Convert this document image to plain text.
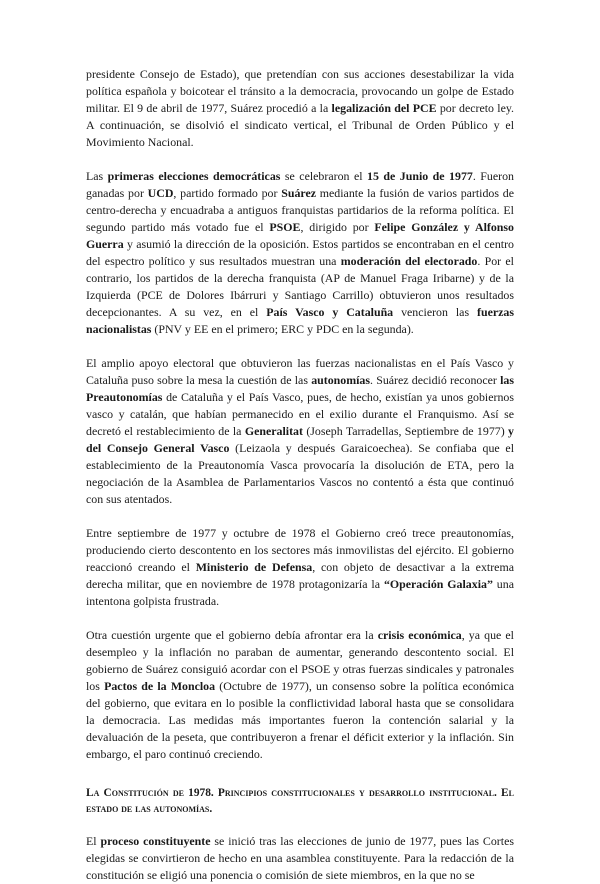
presidente Consejo de Estado), que pretendían con sus acciones desestabilizar la vida política española y boicotear el tránsito a la democracia, provocando un golpe de Estado militar. El 9 de abril de 1977, Suárez procedió a la legalización del PCE por decreto ley. A continuación, se disolvió el sindicato vertical, el Tribunal de Orden Público y el Movimiento Nacional.

Las primeras elecciones democráticas se celebraron el 15 de Junio de 1977. Fueron ganadas por UCD, partido formado por Suárez mediante la fusión de varios partidos de centro-derecha y encuadraba a antiguos franquistas partidarios de la reforma política. El segundo partido más votado fue el PSOE, dirigido por Felipe González y Alfonso Guerra y asumió la dirección de la oposición. Estos partidos se encontraban en el centro del espectro político y sus resultados muestran una moderación del electorado. Por el contrario, los partidos de la derecha franquista (AP de Manuel Fraga Iribarne) y de la Izquierda (PCE de Dolores Ibárruri y Santiago Carrillo) obtuvieron unos resultados decepcionantes. A su vez, en el País Vasco y Cataluña vencieron las fuerzas nacionalistas (PNV y EE en el primero; ERC y PDC en la segunda).

El amplio apoyo electoral que obtuvieron las fuerzas nacionalistas en el País Vasco y Cataluña puso sobre la mesa la cuestión de las autonomías. Suárez decidió reconocer las Preautonomías de Cataluña y el País Vasco, pues, de hecho, existían ya unos gobiernos vasco y catalán, que habían permanecido en el exilio durante el Franquismo. Así se decretó el restablecimiento de la Generalitat (Joseph Tarradellas, Septiembre de 1977) y del Consejo General Vasco (Leizaola y después Garaicoechea). Se confiaba que el establecimiento de la Preautonomía Vasca provocaría la disolución de ETA, pero la negociación de la Asamblea de Parlamentarios Vascos no contentó a ésta que continuó con sus atentados.

Entre septiembre de 1977 y octubre de 1978 el Gobierno creó trece preautonomías, produciendo cierto descontento en los sectores más inmovilistas del ejército. El gobierno reaccionó creando el Ministerio de Defensa, con objeto de desactivar a la extrema derecha militar, que en noviembre de 1978 protagonizaría la “Operación Galaxia” una intentona golpista frustrada.

Otra cuestión urgente que el gobierno debía afrontar era la crisis económica, ya que el desempleo y la inflación no paraban de aumentar, generando descontento social. El gobierno de Suárez consiguió acordar con el PSOE y otras fuerzas sindicales y patronales los Pactos de la Moncloa (Octubre de 1977), un consenso sobre la política económica del gobierno, que evitara en lo posible la conflictividad laboral hasta que se consolidara la democracia. Las medidas más importantes fueron la contención salarial y la devaluación de la peseta, que contribuyeron a frenar el déficit exterior y la inflación. Sin embargo, el paro continuó creciendo.

La Constitución de 1978. Principios constitucionales y desarrollo institucional. El estado de las autonomías.

El proceso constituyente se inició tras las elecciones de junio de 1977, pues las Cortes elegidas se convirtieron de hecho en una asamblea constituyente. Para la redacción de la constitución se eligió una ponencia o comisión de siete miembros, en la que no se
